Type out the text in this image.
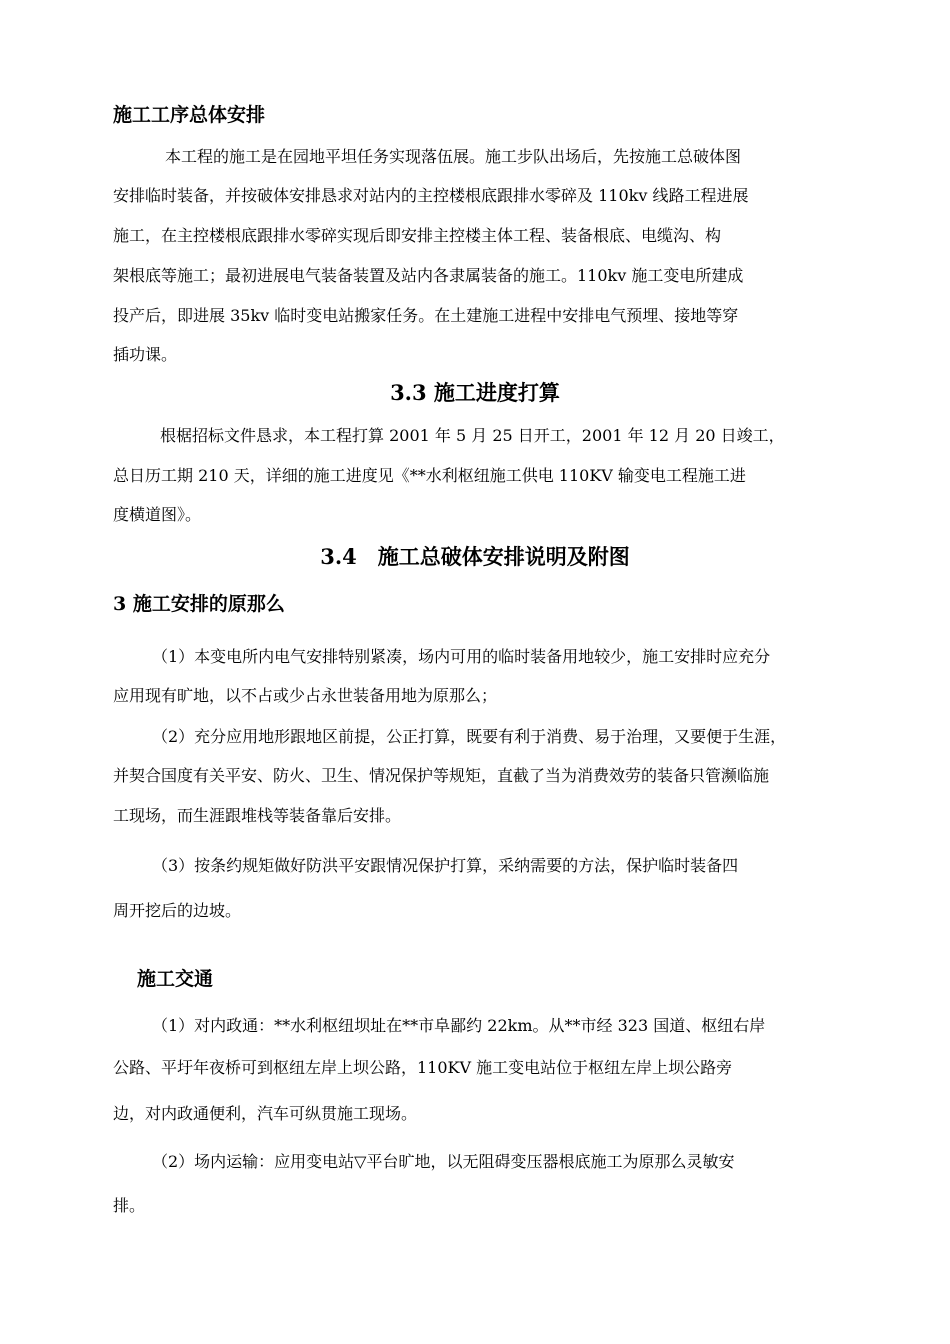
施工工序总体安排
本工程的施工是在园地平坦任务实现落伍展。施工步队出场后，先按施工总破体图
安排临时装备，并按破体安排恳求对站内的主控楼根底跟排水零碎及 110kv 线路工程进展
施工，在主控楼根底跟排水零碎实现后即安排主控楼主体工程、装备根底、电缆沟、构
架根底等施工；最初进展电气装备装置及站内各隶属装备的施工。110kv 施工变电所建成
投产后，即进展 35kv 临时变电站搬家任务。在土建施工进程中安排电气预埋、接地等穿
插功课。
3.3 施工进度打算
根椐招标文件恳求，本工程打算 2001 年 5 月 25 日开工，2001 年 12 月 20 日竣工，
总日历工期 210 天，详细的施工进度见《**水利枢纽施工供电 110KV 输变电工程施工进
度横道图》。
3.4　施工总破体安排说明及附图
3 施工安排的原那么
（1）本变电所内电气安排特别紧凑，场内可用的临时装备用地较少，施工安排时应充分
应用现有旷地，以不占或少占永世装备用地为原那么；
（2）充分应用地形跟地区前提，公正打算，既要有利于消费、易于治理，又要便于生涯，
并契合国度有关平安、防火、卫生、情况保护等规矩，直截了当为消费效劳的装备只管濒临施
工现场，而生涯跟堆栈等装备靠后安排。
（3）按条约规矩做好防洪平安跟情况保护打算，采纳需要的方法，保护临时装备四
周开挖后的边坡。
施工交通
（1）对内政通：**水利枢纽坝址在**市阜鄙约 22km。从**市经 323 国道、枢纽右岸
公路、平圩年夜桥可到枢纽左岸上坝公路，110KV 施工变电站位于枢纽左岸上坝公路旁
边，对内政通便利，汽车可纵贯施工现场。
（2）场内运输：应用变电站▽平台旷地，以无阻碍变压器根底施工为原那么灵敏安
排。
